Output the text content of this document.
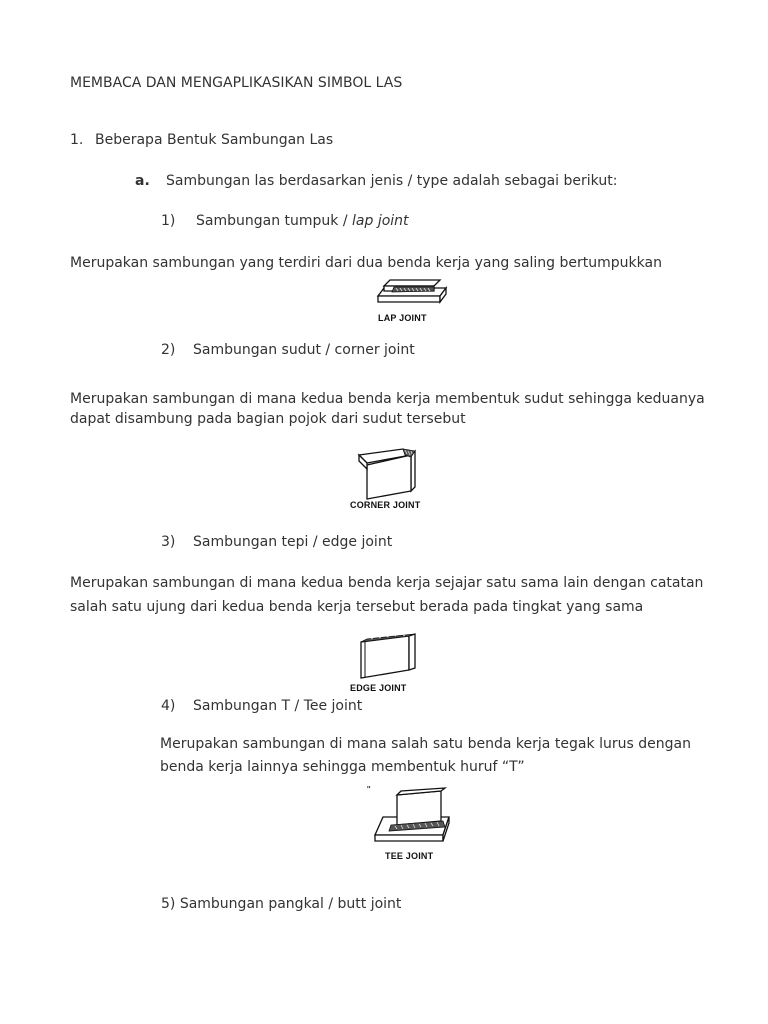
MEMBACA DAN MENGAPLIKASIKAN SIMBOL LAS
1. Beberapa Bentuk Sambungan Las
a. Sambungan las berdasarkan jenis / type adalah sebagai berikut:
1) Sambungan tumpuk / lap joint
Merupakan sambungan yang terdiri dari dua benda kerja yang saling bertumpukkan
LAP JOINT
2) Sambungan sudut / corner joint
Merupakan sambungan di mana kedua benda kerja membentuk sudut sehingga keduanya
dapat disambung pada bagian pojok dari sudut tersebut
CORNER JOINT
3) Sambungan tepi / edge joint
Merupakan sambungan di mana kedua benda kerja sejajar satu sama lain dengan catatan
salah satu ujung dari kedua benda kerja tersebut berada pada tingkat yang sama
EDGE JOINT
4) Sambungan T / Tee joint
Merupakan sambungan di mana salah satu benda kerja tegak lurus dengan benda kerja lainnya sehingga membentuk huruf “T”
"
TEE JOINT
5) Sambungan pangkal / butt joint
